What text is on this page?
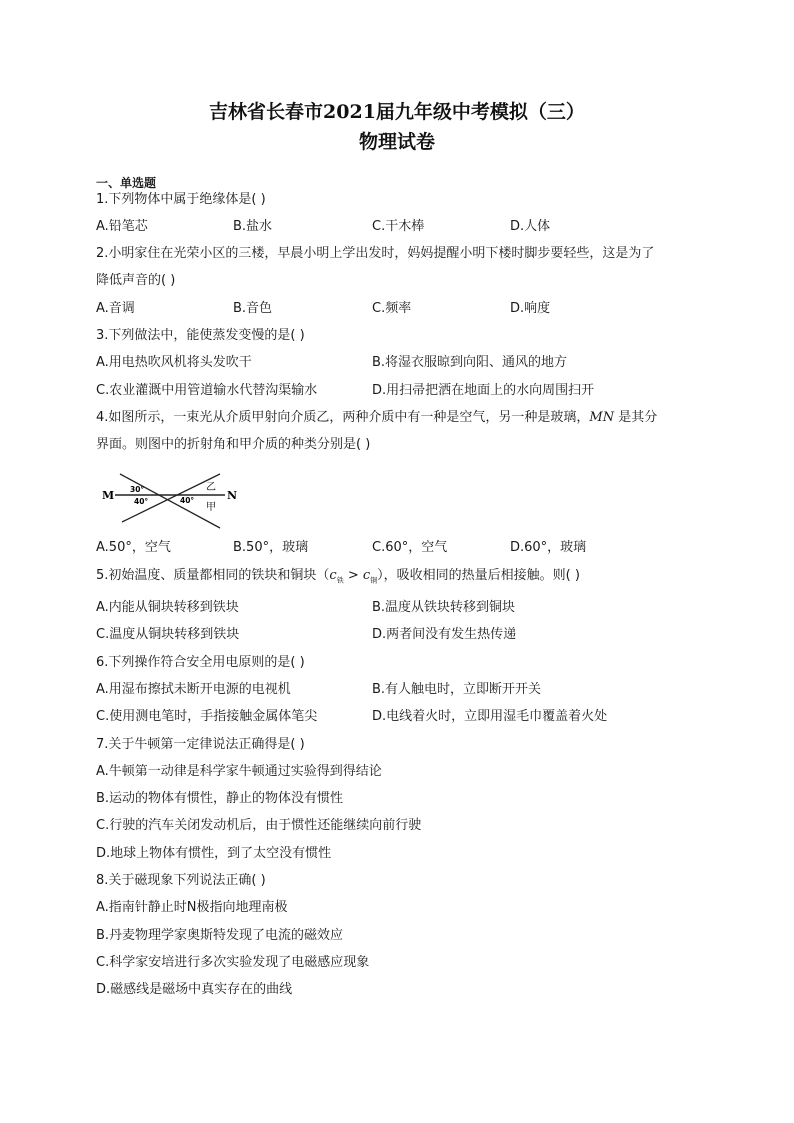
吉林省长春市2021届九年级中考模拟（三）
物理试卷
一、单选题
1.下列物体中属于绝缘体是( )
A.铅笔芯	B.盐水	C.干木棒	D.人体
2.小明家住在光荣小区的三楼，早晨小明上学出发时，妈妈提醒小明下楼时脚步要轻些，这是为了
降低声音的( )
A.音调	B.音色	C.频率	D.响度
3.下列做法中，能使蒸发变慢的是( )
A.用电热吹风机将头发吹干	B.将湿衣服晾到向阳、通风的地方
C.农业灌溉中用管道输水代替沟渠输水	D.用扫帚把洒在地面上的水向周围扫开
4.如图所示，一束光从介质甲射向介质乙，两种介质中有一种是空气，另一种是玻璃，MN 是其分
界面。则图中的折射角和甲介质的种类分别是( )
M	N
30°
40°	40°
乙
甲
A.50°，空气	B.50°，玻璃	C.60°，空气	D.60°，玻璃
5.初始温度、质量都相同的铁块和铜块$(c_铁 > c_铜)$，吸收相同的热量后相接触。则( )
A.内能从铜块转移到铁块	B.温度从铁块转移到铜块
C.温度从铜块转移到铁块	D.两者间没有发生热传递
6.下列操作符合安全用电原则的是( )
A.用湿布擦拭未断开电源的电视机	B.有人触电时，立即断开开关
C.使用测电笔时，手指接触金属体笔尖	D.电线着火时，立即用湿毛巾覆盖着火处
7.关于牛顿第一定律说法正确得是( )
A.牛顿第一动律是科学家牛顿通过实验得到得结论
B.运动的物体有惯性，静止的物体没有惯性
C.行驶的汽车关闭发动机后，由于惯性还能继续向前行驶
D.地球上物体有惯性，到了太空没有惯性
8.关于磁现象下列说法正确( )
A.指南针静止时N极指向地理南极
B.丹麦物理学家奥斯特发现了电流的磁效应
C.科学家安培进行多次实验发现了电磁感应现象
D.磁感线是磁场中真实存在的曲线
